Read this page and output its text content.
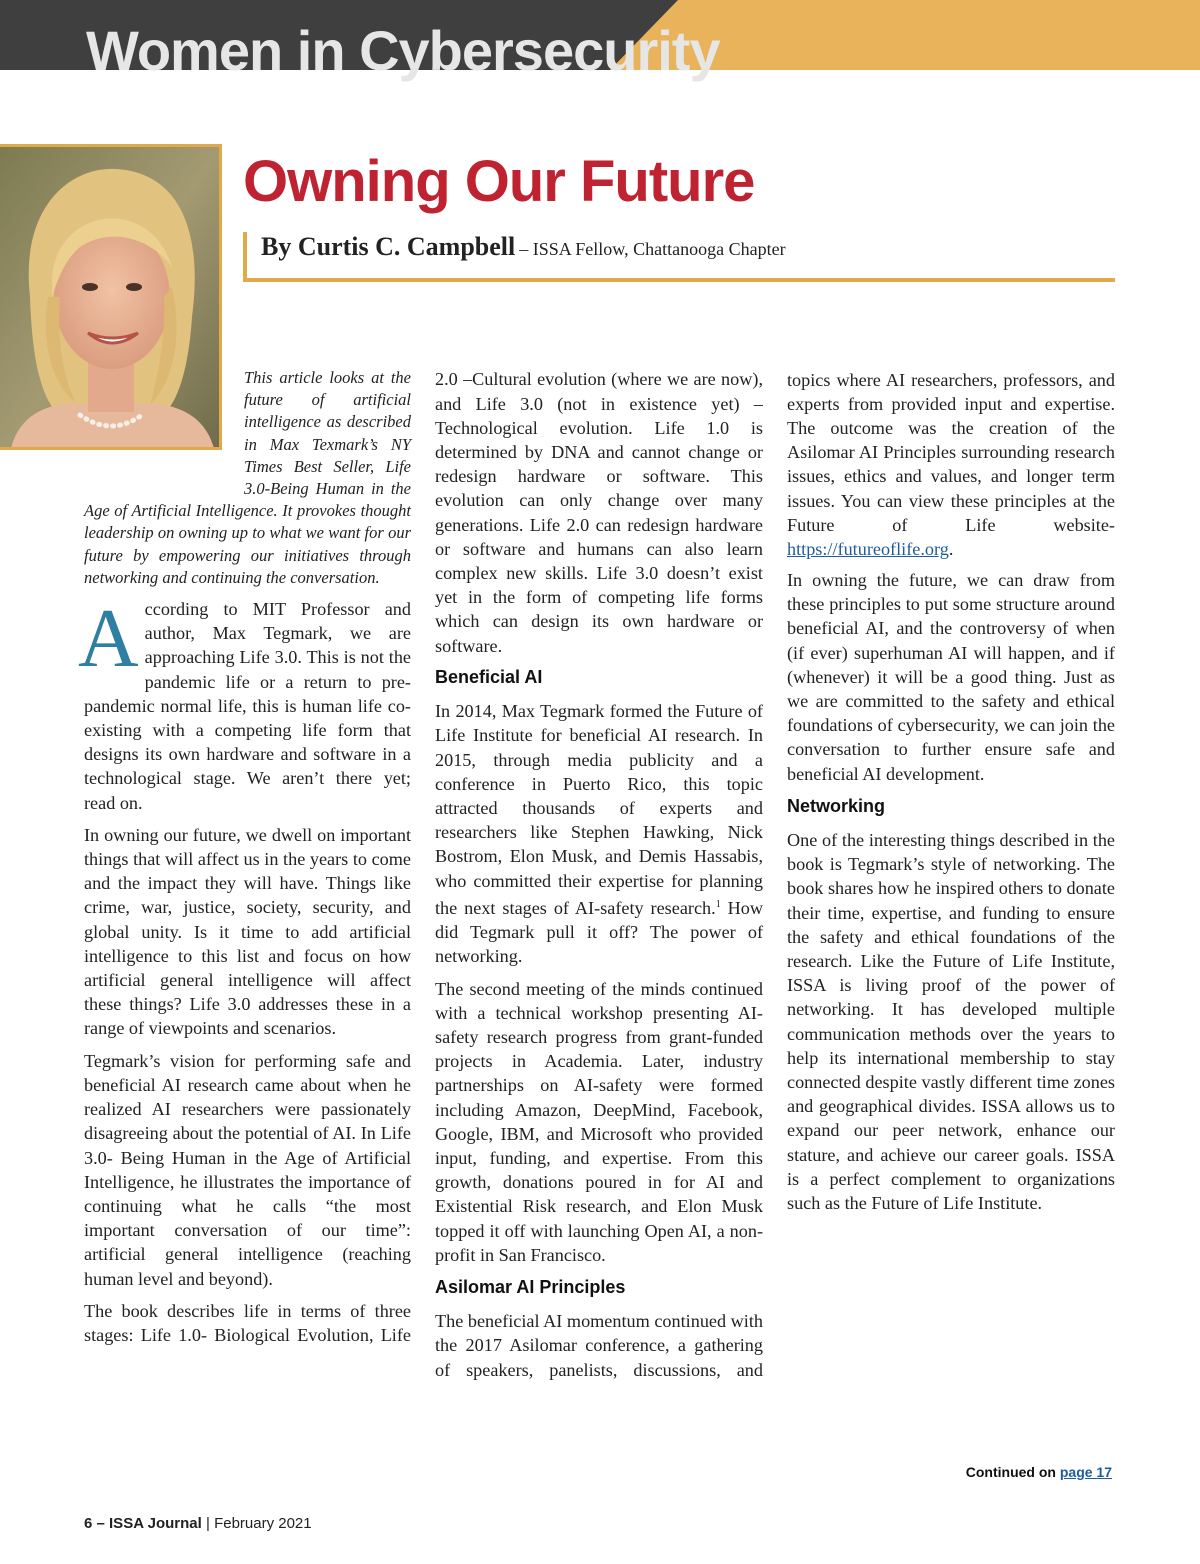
Women in Cybersecurity
Owning Our Future
By Curtis C. Campbell – ISSA Fellow, Chattanooga Chapter

This article looks at the future of artificial intelligence as described in Max Texmark’s NY Times Best Seller, Life 3.0-Being Human in the Age of Artificial Intelligence. It provokes thought leadership on owning up to what we want for our future by empowering our initiatives through networking and continuing the conversation.

A ccording to MIT Professor and author, Max Tegmark, we are approaching Life 3.0. This is not the pandemic life or a return to pre-pandemic normal life, this is human life co-existing with a competing life form that designs its own hardware and software in a technological stage. We aren’t there yet; read on.

In owning our future, we dwell on important things that will affect us in the years to come and the impact they will have. Things like crime, war, justice, society, security, and global unity. Is it time to add artificial intelligence to this list and focus on how artificial general intelligence will affect these things? Life 3.0 addresses these in a range of viewpoints and scenarios.

Tegmark’s vision for performing safe and beneficial AI research came about when he realized AI researchers were passionately disagreeing about the potential of AI. In Life 3.0- Being Human in the Age of Artificial Intelligence, he illustrates the importance of continuing what he calls “the most important conversation of our time”: artificial general intelligence (reaching human level and beyond).

The book describes life in terms of three stages: Life 1.0- Biological Evolution, Life

2.0 –Cultural evolution (where we are now), and Life 3.0 (not in existence yet) – Technological evolution. Life 1.0 is determined by DNA and cannot change or redesign hardware or software. This evolution can only change over many generations. Life 2.0 can redesign hardware or software and humans can also learn complex new skills. Life 3.0 doesn’t exist yet in the form of competing life forms which can design its own hardware or software.
Beneficial AI

In 2014, Max Tegmark formed the Future of Life Institute for beneficial AI research. In 2015, through media publicity and a conference in Puerto Rico, this topic attracted thousands of experts and researchers like Stephen Hawking, Nick Bostrom, Elon Musk, and Demis Hassabis, who committed their expertise for planning the next stages of AI-safety research.$^1$ How did Tegmark pull it off? The power of networking.

The second meeting of the minds continued with a technical workshop presenting AI-safety research progress from grant-funded projects in Academia. Later, industry partnerships on AI-safety were formed including Amazon, DeepMind, Facebook, Google, IBM, and Microsoft who provided input, funding, and expertise. From this growth, donations poured in for AI and Existential Risk research, and Elon Musk topped it off with launching Open AI, a non-profit in San Francisco.

Asilomar AI Principles

The beneficial AI momentum continued with the 2017 Asilomar conference, a gathering of speakers, panelists, discussions, and

topics where AI researchers, professors, and experts from provided input and expertise. The outcome was the creation of the Asilomar AI Principles surrounding research issues, ethics and values, and longer term issues. You can view these principles at the Future of Life website- https://futureoflife.org.

In owning the future, we can draw from these principles to put some structure around beneficial AI, and the controversy of when (if ever) superhuman AI will happen, and if (whenever) it will be a good thing. Just as we are committed to the safety and ethical foundations of cybersecurity, we can join the conversation to further ensure safe and beneficial AI development.

Networking

One of the interesting things described in the book is Tegmark’s style of networking. The book shares how he inspired others to donate their time, expertise, and funding to ensure the safety and ethical foundations of the research. Like the Future of Life Institute, ISSA is living proof of the power of networking. It has developed multiple communication methods over the years to help its international membership to stay connected despite vastly different time zones and geographical divides. ISSA allows us to expand our peer network, enhance our stature, and achieve our career goals. ISSA is a perfect complement to organizations such as the Future of Life Institute.

Continued on page 17
6 – ISSA Journal | February 2021
